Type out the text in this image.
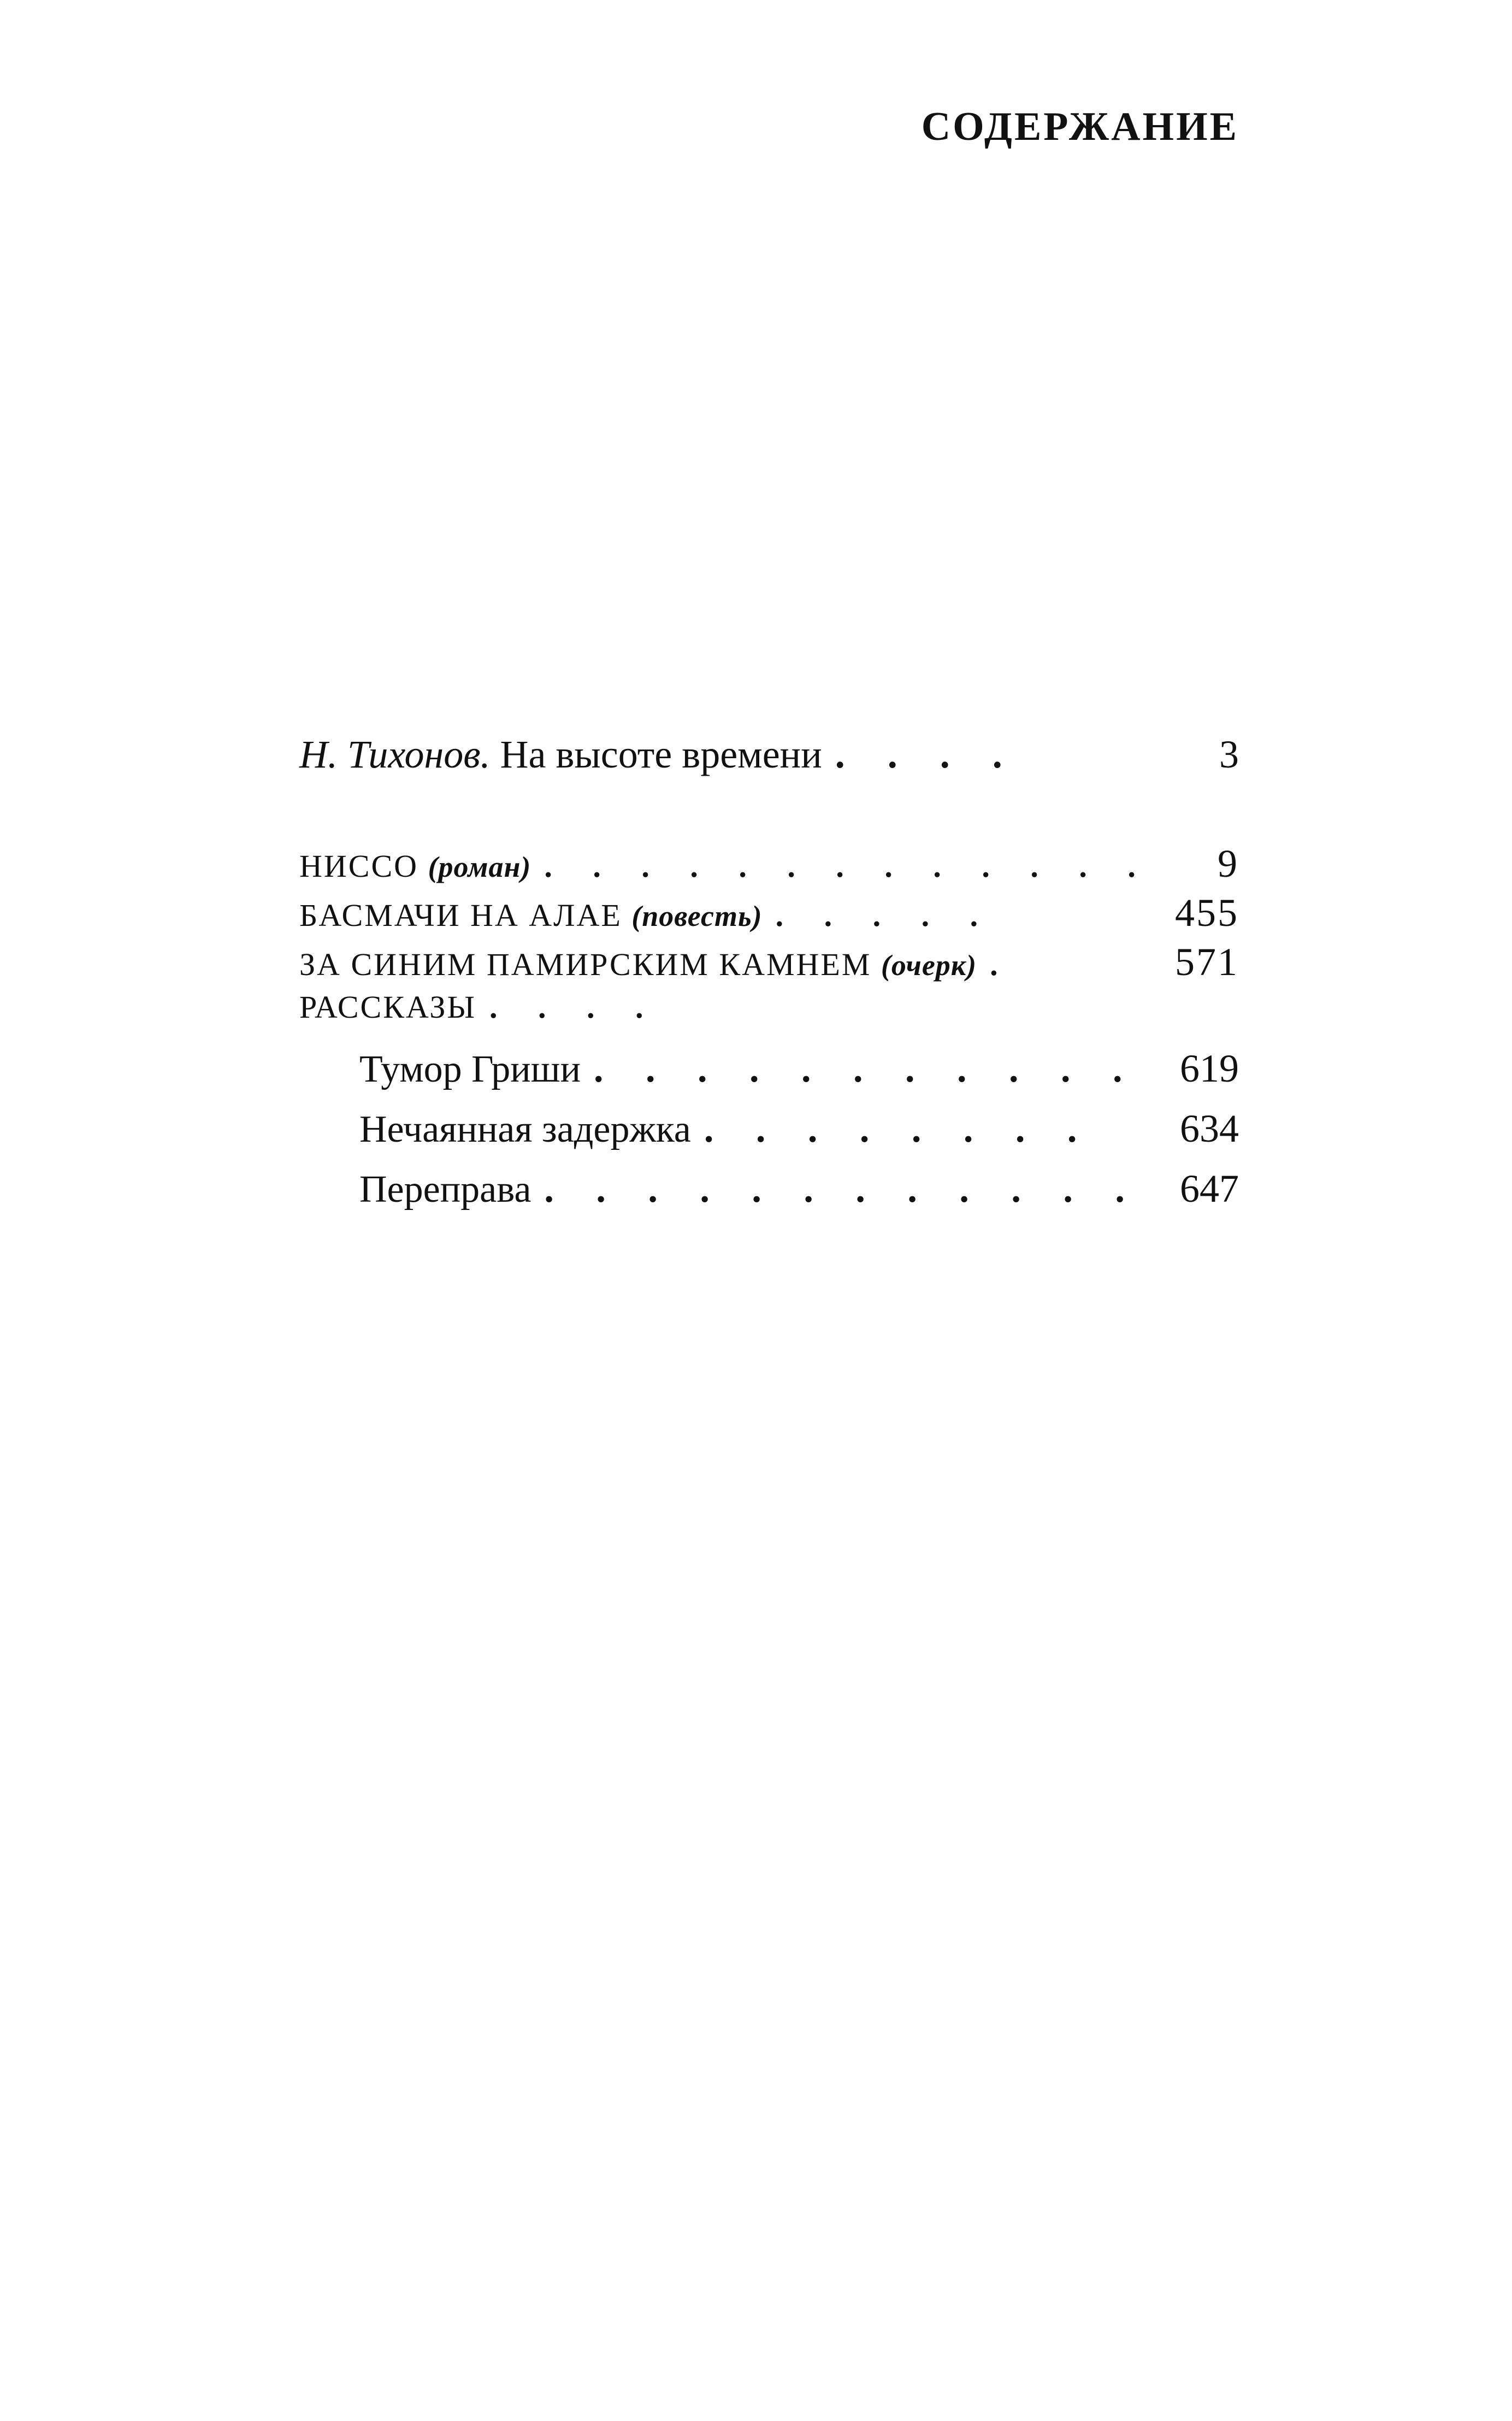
СОДЕРЖАНИЕ
Н. Тихонов. На высоте времени . . . .	3
НИССО (роман) . . . . . . . . . . . . .	9
БАСМАЧИ НА АЛАЕ (повесть) . . . . .	455
ЗА СИНИМ ПАМИРСКИМ КАМНЕМ (очерк) .	571
РАССКАЗЫ . . . .
Тумор Гриши . . . . . . . . . . .	619
Нечаянная задержка . . . . . . . .	634
Переправа . . . . . . . . . . . . 647
